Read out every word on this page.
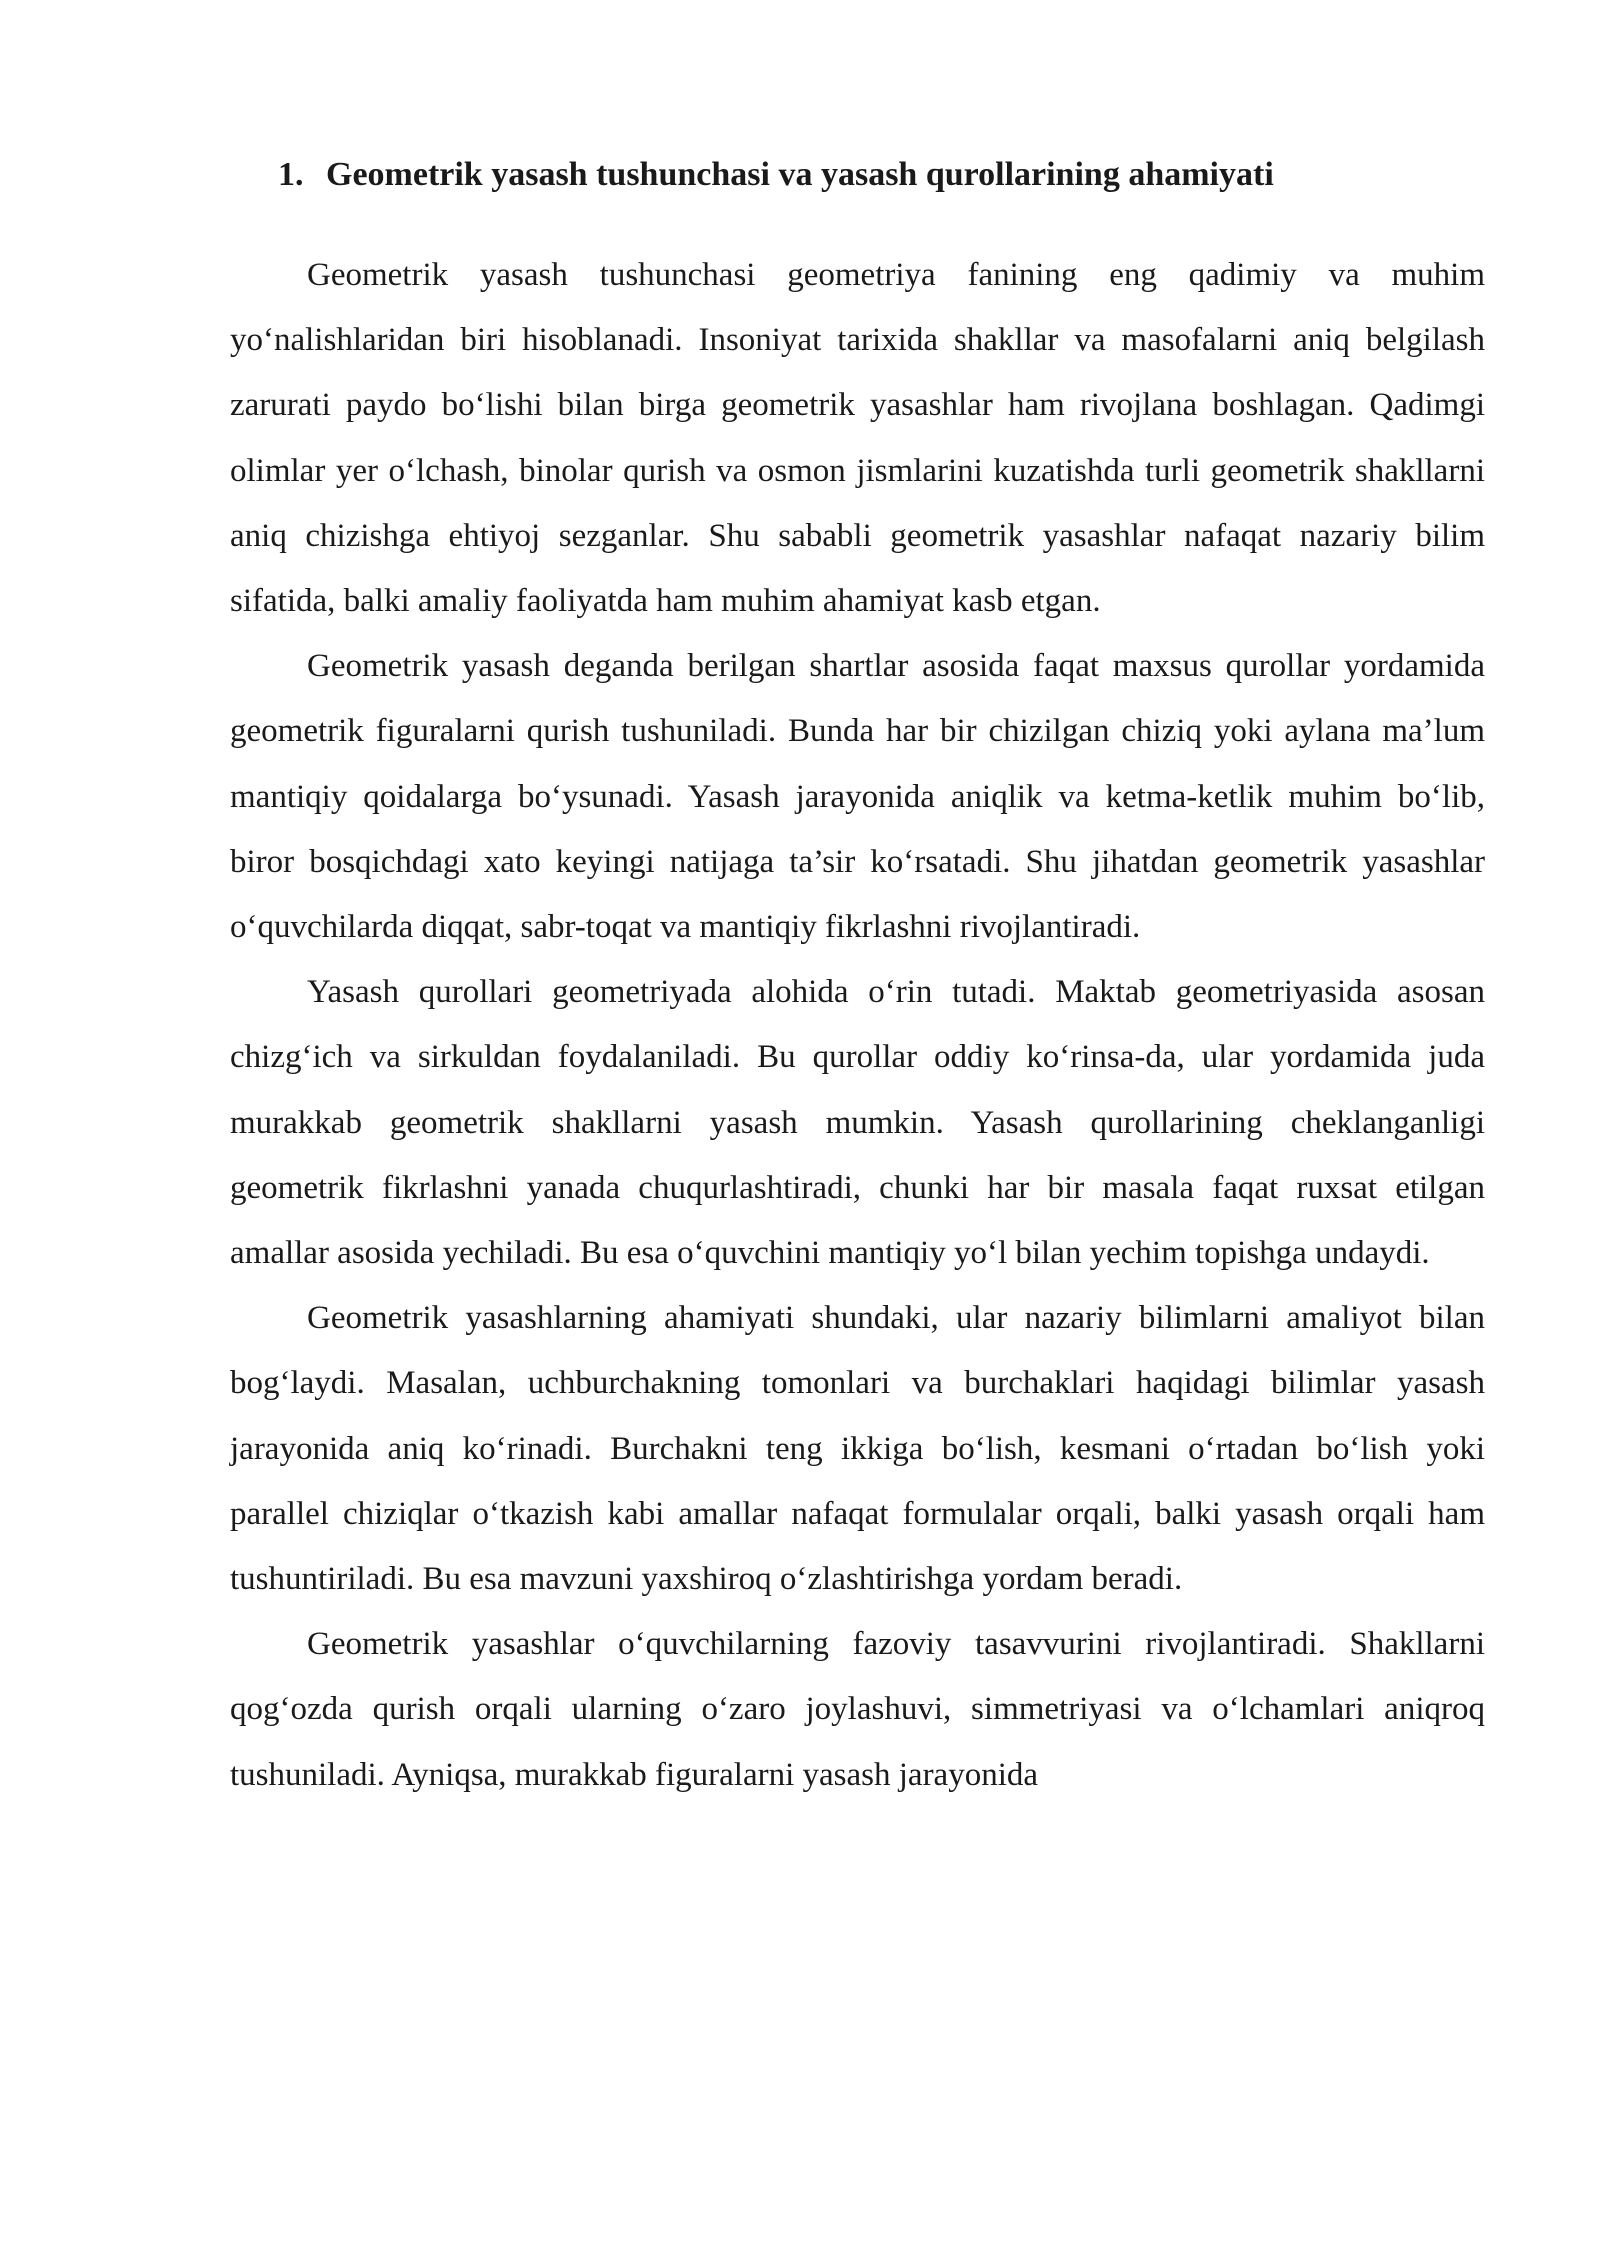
1. Geometrik yasash tushunchasi va yasash qurollarining ahamiyati

Geometrik yasash tushunchasi geometriya fanining eng qadimiy va muhim yo‘nalishlaridan biri hisoblanadi. Insoniyat tarixida shakllar va masofalarni aniq belgilash zarurati paydo bo‘lishi bilan birga geometrik yasashlar ham rivojlana boshlagan. Qadimgi olimlar yer o‘lchash, binolar qurish va osmon jismlarini kuzatishda turli geometrik shakllarni aniq chizishga ehtiyoj sezganlar. Shu sababli geometrik yasashlar nafaqat nazariy bilim sifatida, balki amaliy faoliyatda ham muhim ahamiyat kasb etgan.

Geometrik yasash deganda berilgan shartlar asosida faqat maxsus qurollar yordamida geometrik figuralarni qurish tushuniladi. Bunda har bir chizilgan chiziq yoki aylana ma’lum mantiqiy qoidalarga bo‘ysunadi. Yasash jarayonida aniqlik va ketma-ketlik muhim bo‘lib, biror bosqichdagi xato keyingi natijaga ta’sir ko‘rsatadi. Shu jihatdan geometrik yasashlar o‘quvchilarda diqqat, sabr-toqat va mantiqiy fikrlashni rivojlantiradi.

Yasash qurollari geometriyada alohida o‘rin tutadi. Maktab geometriyasida asosan chizg‘ich va sirkuldan foydalaniladi. Bu qurollar oddiy ko‘rinsa-da, ular yordamida juda murakkab geometrik shakllarni yasash mumkin. Yasash qurollarining cheklanganligi geometrik fikrlashni yanada chuqurlashtiradi, chunki har bir masala faqat ruxsat etilgan amallar asosida yechiladi. Bu esa o‘quvchini mantiqiy yo‘l bilan yechim topishga undaydi.

Geometrik yasashlarning ahamiyati shundaki, ular nazariy bilimlarni amaliyot bilan bog‘laydi. Masalan, uchburchakning tomonlari va burchaklari haqidagi bilimlar yasash jarayonida aniq ko‘rinadi. Burchakni teng ikkiga bo‘lish, kesmani o‘rtadan bo‘lish yoki parallel chiziqlar o‘tkazish kabi amallar nafaqat formulalar orqali, balki yasash orqali ham tushuntiriladi. Bu esa mavzuni yaxshiroq o‘zlashtirishga yordam beradi.

Geometrik yasashlar o‘quvchilarning fazoviy tasavvurini rivojlantiradi. Shakllarni qog‘ozda qurish orqali ularning o‘zaro joylashuvi, simmetriyasi va o‘lchamlari aniqroq tushuniladi. Ayniqsa, murakkab figuralarni yasash jarayonida
